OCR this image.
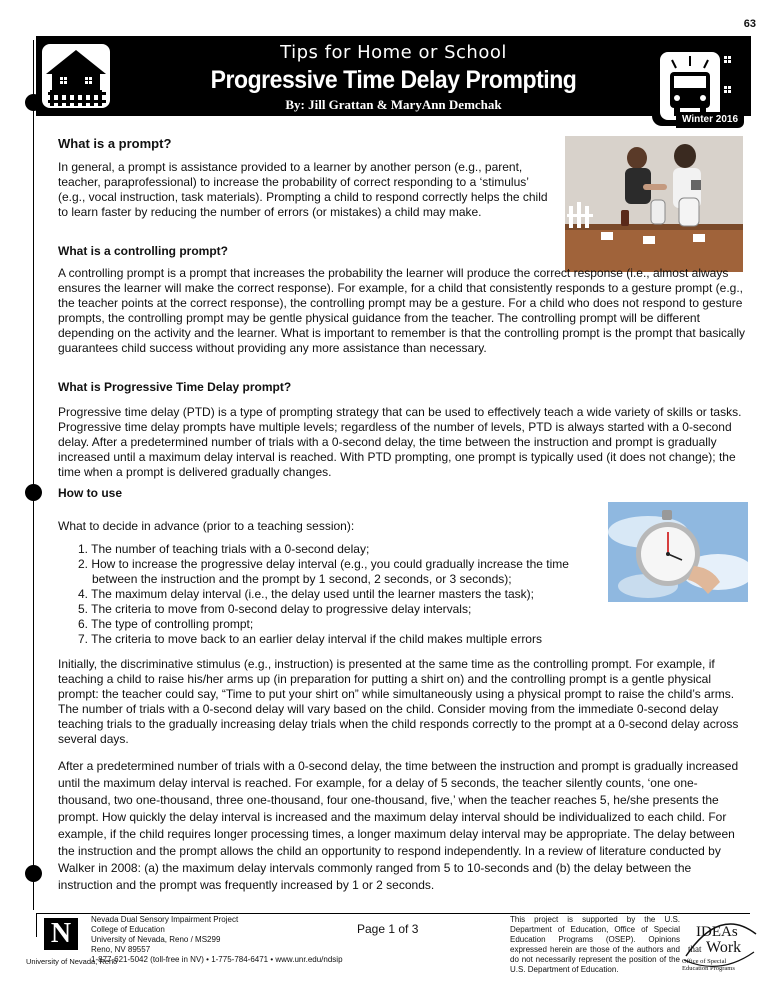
63
Tips for Home or School
Progressive Time Delay Prompting
By: Jill Grattan & MaryAnn Demchak
Winter 2016
What is a prompt?

In general, a prompt is assistance provided to a learner by another person (e.g., parent, teacher, paraprofessional) to increase the probability of correct responding to a ‘stimulus’ (e.g., vocal instruction, task materials). Prompting a child to respond correctly helps the child to learn faster by reducing the number of errors (or mistakes) a child may make.

What is a controlling prompt?

A controlling prompt is a prompt that increases the probability the learner will produce the correct response (i.e., almost always ensures the learner will make the correct response). For example, for a child that consistently responds to a gesture prompt (e.g., the teacher points at the correct response), the controlling prompt may be a gesture. For a child who does not respond to gesture prompts, the controlling prompt may be gentle physical guidance from the teacher. The controlling prompt will be different depending on the activity and the learner. What is important to remember is that the controlling prompt is the prompt that basically guarantees child success without providing any more assistance than necessary.

What is Progressive Time Delay prompt?

Progressive time delay (PTD) is a type of prompting strategy that can be used to effectively teach a wide variety of skills or tasks. Progressive time delay prompts have multiple levels; regardless of the number of levels, PTD is always started with a 0-second delay. After a predetermined number of trials with a 0-second delay, the time between the instruction and prompt is gradually increased until a maximum delay interval is reached. With PTD prompting, one prompt is typically used (it does not change); the time when a prompt is delivered gradually changes.

How to use
What to decide in advance (prior to a teaching session):
1. The number of teaching trials with a 0-second delay;
2. How to increase the progressive delay interval (e.g., you could gradually increase the time between the instruction and the prompt by 1 second, 2 seconds, or 3 seconds);
4. The maximum delay interval (i.e., the delay used until the learner masters the task);
5. The criteria to move from 0-second delay to progressive delay intervals;
6. The type of controlling prompt;
7. The criteria to move back to an earlier delay interval if the child makes multiple errors

Initially, the discriminative stimulus (e.g., instruction) is presented at the same time as the controlling prompt. For example, if teaching a child to raise his/her arms up (in preparation for putting a shirt on) and the controlling prompt is a gentle physical prompt: the teacher could say, “Time to put your shirt on” while simultaneously using a physical prompt to raise the child’s arms. The number of trials with a 0-second delay will vary based on the child. Consider moving from the immediate 0-second delay teaching trials to the gradually increasing delay trials when the child responds correctly to the prompt at a 0-second delay across several days.

After a predetermined number of trials with a 0-second delay, the time between the instruction and prompt is gradually increased until the maximum delay interval is reached. For example, for a delay of 5 seconds, the teacher silently counts, ‘one one-thousand, two one-thousand, three one-thousand, four one-thousand, five,’ when the teacher reaches 5, he/she presents the prompt. How quickly the delay interval is increased and the maximum delay interval should be individualized to each child. For example, if the child requires longer processing times, a longer maximum delay interval may be appropriate. The delay between the instruction and the prompt allows the child an opportunity to respond independently. In a review of literature conducted by Walker in 2008: (a) the maximum delay intervals commonly ranged from 5 to 10-seconds and (b) the delay between the instruction and the prompt was frequently increased by 1 or 2 seconds.

N
University of Nevada, Reno
Nevada Dual Sensory Impairment Project
College of Education
University of Nevada, Reno / MS299
Reno, NV 89557
1-877-621-5042 (toll-free in NV) • 1-775-784-6471 • www.unr.edu/ndsip
Page 1 of 3
This project is supported by the U.S. Department of Education, Office of Special Education Programs (OSEP). Opinions expressed herein are those of the authors and do not necessarily represent the position of the U.S. Department of Education.
IDEAs
that Work
Office of Special
Education Programs
